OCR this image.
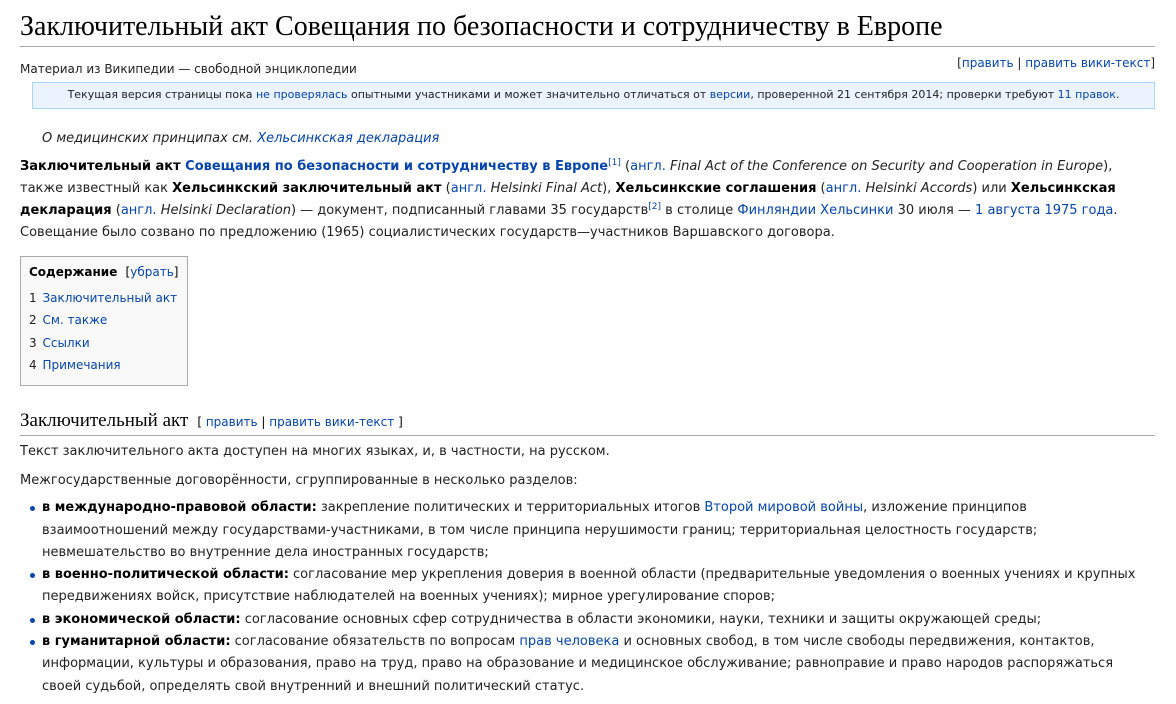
Заключительный акт Совещания по безопасности и сотрудничеству в Европе
Материал из Википедии — свободной энциклопедии	[править | править вики-текст]
Текущая версия страницы пока не проверялась опытными участниками и может значительно отличаться от версии, проверенной 21 сентября 2014; проверки требуют 11 правок.
О медицинских принципах см. Хельсинкская декларация

Заключительный акт Совещания по безопасности и сотрудничеству в Европе[1] (англ. Final Act of the Conference on Security and Cooperation in Europe), также известный как Хельсинкский заключительный акт (англ. Helsinki Final Act), Хельсинкские соглашения (англ. Helsinki Accords) или Хельсинкская декларация (англ. Helsinki Declaration) — документ, подписанный главами 35 государств[2] в столице Финляндии Хельсинки 30 июля — 1 августа 1975 года. Совещание было созвано по предложению (1965) социалистических государств—участников Варшавского договора.

Содержание [убрать]
1 Заключительный акт
2 См. также
3 Ссылки
4 Примечания
Заключительный акт [ править | править вики-текст ]

Текст заключительного акта доступен на многих языках, и, в частности, на русском.

Межгосударственные договорённости, сгруппированные в несколько разделов:

в международно-правовой области: закрепление политических и территориальных итогов Второй мировой войны, изложение принципов взаимоотношений между государствами-участниками, в том числе принципа нерушимости границ; территориальная целостность государств; невмешательство во внутренние дела иностранных государств;
в военно-политической области: согласование мер укрепления доверия в военной области (предварительные уведомления о военных учениях и крупных передвижениях войск, присутствие наблюдателей на военных учениях); мирное урегулирование споров;
в экономической области: согласование основных сфер сотрудничества в области экономики, науки, техники и защиты окружающей среды;
в гуманитарной области: согласование обязательств по вопросам прав человека и основных свобод, в том числе свободы передвижения, контактов, информации, культуры и образования, право на труд, право на образование и медицинское обслуживание; равноправие и право народов распоряжаться своей судьбой, определять свой внутренний и внешний политический статус.
